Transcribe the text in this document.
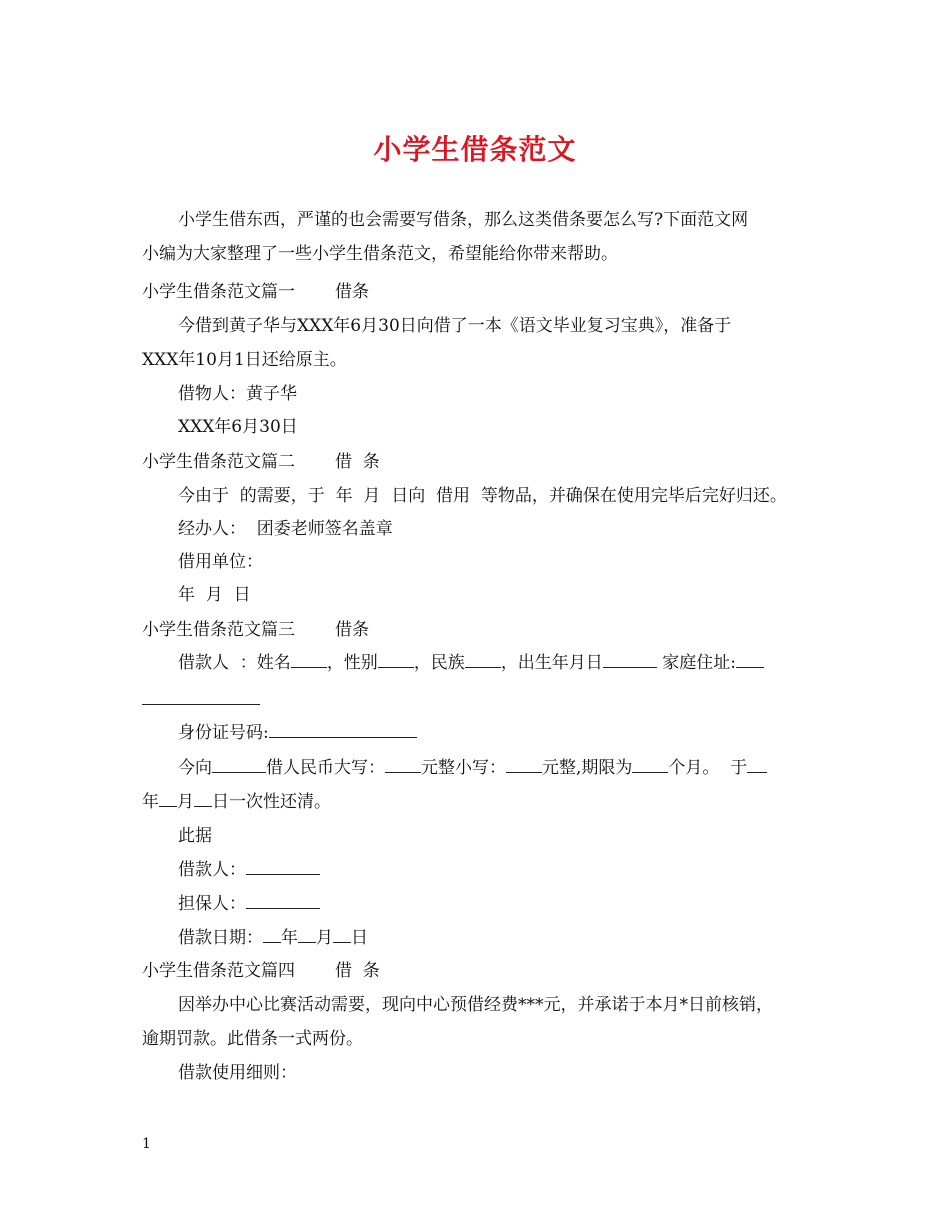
小学生借条范文
小学生借东西，严谨的也会需要写借条，那么这类借条要怎么写?下面范文网
小编为大家整理了一些小学生借条范文，希望能给你带来帮助。
小学生借条范文篇一 借条
今借到黄子华与XXX年6月30日向借了一本《语文毕业复习宝典》，准备于
XXX年10月1日还给原主。
借物人：黄子华
XXX年6月30日
小学生借条范文篇二 借  条
今由于  的需要，于  年  月  日向  借用  等物品，并确保在使用完毕后完好归还。
经办人：  团委老师签名盖章
借用单位：
年  月  日
小学生借条范文篇三 借条
借款人  ：姓名 ，性别 ，民族 ，出生年月日	家庭住址:
身份证号码:
今向	借人民币大写： 元整小写： 元整,期限为 个月。  于
年 月 日一次性还清。
此据
借款人：
担保人：
借款日期： 年 月 日
小学生借条范文篇四 借  条
因举办中心比赛活动需要，现向中心预借经费***元，并承诺于本月*日前核销，
逾期罚款。此借条一式两份。
借款使用细则：
1
